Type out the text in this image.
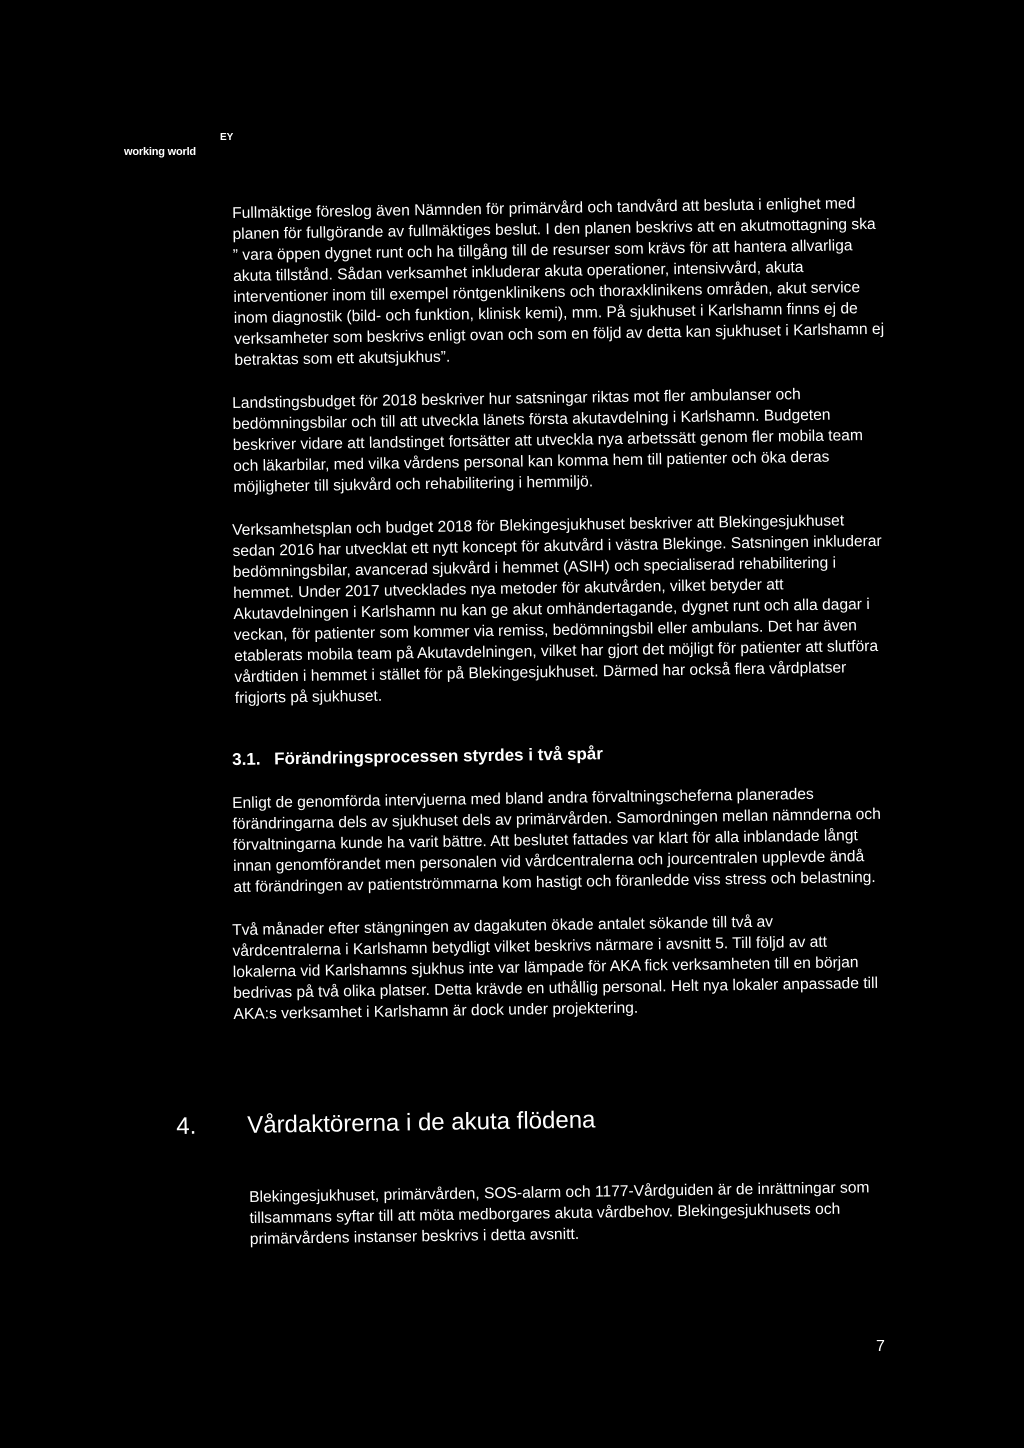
EY
working world

Fullmäktige föreslog även Nämnden för primärvård och tandvård att besluta i enlighet med planen för fullgörande av fullmäktiges beslut. I den planen beskrivs att en akutmottagning ska ” vara öppen dygnet runt och ha tillgång till de resurser som krävs för att hantera allvarliga akuta tillstånd. Sådan verksamhet inkluderar akuta operationer, intensivvård, akuta interventioner inom till exempel röntgenklinikens och thoraxklinikens områden, akut service inom diagnostik (bild- och funktion, klinisk kemi), mm. På sjukhuset i Karlshamn finns ej de verksamheter som beskrivs enligt ovan och som en följd av detta kan sjukhuset i Karlshamn ej betraktas som ett akutsjukhus”.

Landstingsbudget för 2018 beskriver hur satsningar riktas mot fler ambulanser och bedömningsbilar och till att utveckla länets första akutavdelning i Karlshamn. Budgeten beskriver vidare att landstinget fortsätter att utveckla nya arbetssätt genom fler mobila team och läkarbilar, med vilka vårdens personal kan komma hem till patienter och öka deras möjligheter till sjukvård och rehabilitering i hemmiljö.

Verksamhetsplan och budget 2018 för Blekingesjukhuset beskriver att Blekingesjukhuset sedan 2016 har utvecklat ett nytt koncept för akutvård i västra Blekinge. Satsningen inkluderar bedömningsbilar, avancerad sjukvård i hemmet (ASIH) och specialiserad rehabilitering i hemmet. Under 2017 utvecklades nya metoder för akutvården, vilket betyder att Akutavdelningen i Karlshamn nu kan ge akut omhändertagande, dygnet runt och alla dagar i veckan, för patienter som kommer via remiss, bedömningsbil eller ambulans. Det har även etablerats mobila team på Akutavdelningen, vilket har gjort det möjligt för patienter att slutföra vårdtiden i hemmet i stället för på Blekingesjukhuset. Därmed har också flera vårdplatser frigjorts på sjukhuset.

3.1. Förändringsprocessen styrdes i två spår

Enligt de genomförda intervjuerna med bland andra förvaltningscheferna planerades förändringarna dels av sjukhuset dels av primärvården. Samordningen mellan nämnderna och förvaltningarna kunde ha varit bättre. Att beslutet fattades var klart för alla inblandade långt innan genomförandet men personalen vid vårdcentralerna och jourcentralen upplevde ändå att förändringen av patientströmmarna kom hastigt och föranledde viss stress och belastning.

Två månader efter stängningen av dagakuten ökade antalet sökande till två av vårdcentralerna i Karlshamn betydligt vilket beskrivs närmare i avsnitt 5. Till följd av att lokalerna vid Karlshamns sjukhus inte var lämpade för AKA fick verksamheten till en början bedrivas på två olika platser. Detta krävde en uthållig personal. Helt nya lokaler anpassade till AKA:s verksamhet i Karlshamn är dock under projektering.

4. Vårdaktörerna i de akuta flödena

Blekingesjukhuset, primärvården, SOS-alarm och 1177-Vårdguiden är de inrättningar som tillsammans syftar till att möta medborgares akuta vårdbehov. Blekingesjukhusets och primärvårdens instanser beskrivs i detta avsnitt.

7
